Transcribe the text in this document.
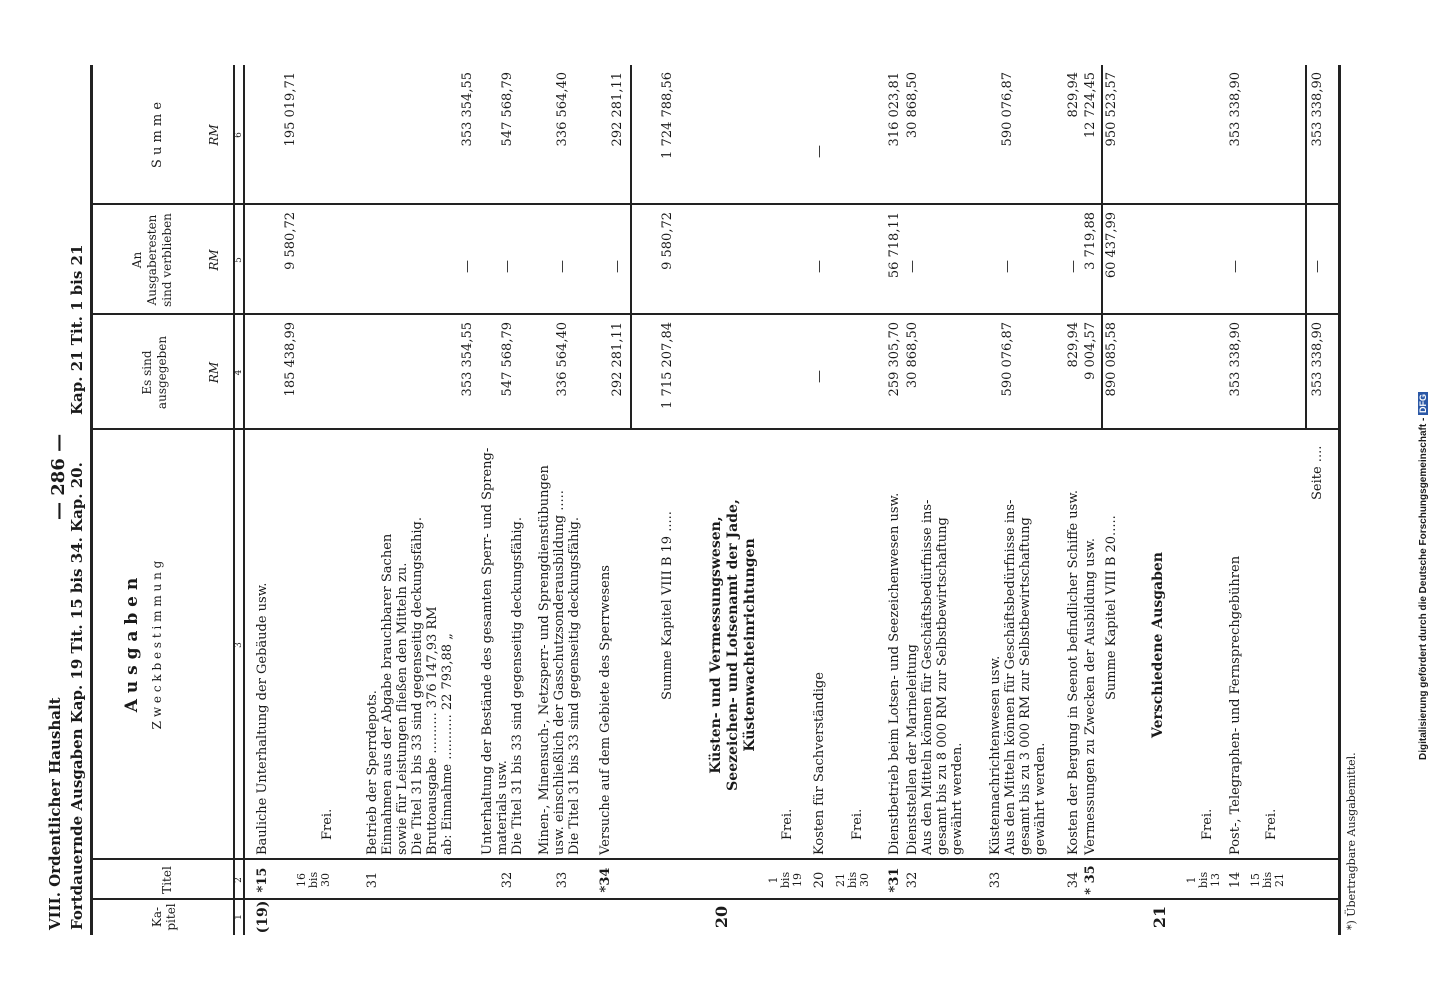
VIII. Ordentlicher Haushalt Fortdauernde Ausgaben Kap. 19 Tit. 15 bis 34. Kap. 20.
— 286 —
Kap. 21 Tit. 1 bis 21
Ka-
pitel
Titel
A u s g a b e n Z w e c k b e s t i m m u n g
Es sind
ausgegeben
An
Ausgaberesten
sind verblieben
S u m m e
RM
RM
RM
1
2
3
4
5
6
(19)
*15
Bauliche Unterhaltung der Gebäude usw.
185 438,99
9 580,72
195 019,71
16
bis
30
Frei.
31
Betrieb der Sperrdepots.
Einnahmen aus der Abgabe brauchbarer Sachen
sowie für Leistungen fließen den Mitteln zu.
Die Titel 31 bis 33 sind gegenseitig deckungsfähig.
Bruttoausgabe .......... 376 147,93 RM
ab: Einnahme ........... 22 793,88 „
353 354,55
—
353 354,55
32
Unterhaltung der Bestände des gesamten Sperr- und Spreng-
materials usw.
Die Titel 31 bis 33 sind gegenseitig deckungsfähig.
547 568,79
—
547 568,79
33
Minen-, Minensuch-, Netzsperr- und Sprengdienstübungen
usw. einschließlich der Gasschutzsonderausbildung .....
Die Titel 31 bis 33 sind gegenseitig deckungsfähig.
336 564,40
—
336 564,40
*34
Versuche auf dem Gebiete des Sperrwesens
292 281,11
—
292 281,11
Summe Kapitel VIII B 19 .....
1 715 207,84
9 580,72
1 724 788,56
20
Küsten- und Vermessungswesen,
Seezeichen- und Lotsenamt der Jade,
Küstenwachteinrichtungen
1
bis
19
Frei.
20
Kosten für Sachverständige
—
—
—
21
bis
30
Frei.
*31
Dienstbetrieb beim Lotsen- und Seezeichenwesen usw.
259 305,70
56 718,11
316 023,81
32
Dienststellen der Marineleitung
Aus den Mitteln können für Geschäftsbedürfnisse ins-
gesamt bis zu 8 000 RM zur Selbstbewirtschaftung
gewährt werden.
30 868,50
—
30 868,50
33
Küstennachrichtenwesen usw.
Aus den Mitteln können für Geschäftsbedürfnisse ins-
gesamt bis zu 3 000 RM zur Selbstbewirtschaftung
gewährt werden.
590 076,87
—
590 076,87
34
Kosten der Bergung in Seenot befindlicher Schiffe usw.
829,94
—
829,94
* 35
Vermessungen zu Zwecken der Ausbildung usw.
9 004,57
3 719,88
12 724,45
Summe Kapitel VIII B 20.....
890 085,58
60 437,99
950 523,57
21
Verschiedene Ausgaben
1
bis
13
Frei.
14
Post-, Telegraphen- und Fernsprechgebühren
353 338,90
—
353 338,90
15
bis
21
Frei.
Seite ....
353 338,90
—
353 338,90
*) Übertragbare Ausgabemittel.
Digitalisierung gefördert durch die Deutsche Forschungsgemeinschaft - DFG
